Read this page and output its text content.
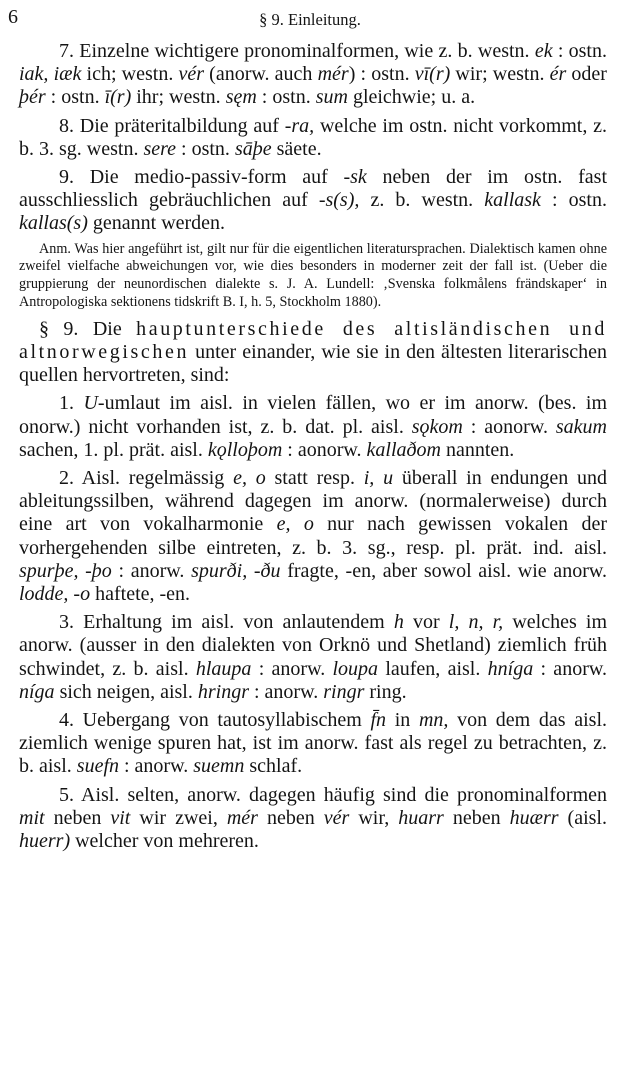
6	§ 9. Einleitung.

7. Einzelne wichtigere pronominalformen, wie z. b. westn. ek : ostn. iak, iæk ich; westn. vér (anorw. auch mér) : ostn. vī(r) wir; westn. ér oder þér : ostn. ī(r) ihr; westn. sęm : ostn. sum gleichwie; u. a.

8. Die präteritalbildung auf -ra, welche im ostn. nicht vorkommt, z. b. 3. sg. westn. sere : ostn. sāþe säete.

9. Die medio-passiv-form auf -sk neben der im ostn. fast ausschliesslich gebräuchlichen auf -s(s), z. b. westn. kallask : ostn. kallas(s) genannt werden.

Anm. Was hier angeführt ist, gilt nur für die eigentlichen literatursprachen. Dialektisch kamen ohne zweifel vielfache abweichungen vor, wie dies besonders in moderner zeit der fall ist. (Ueber die gruppierung der neunordischen dialekte s. J. A. Lundell: ‚Svenska folkmålens frändskaper‘ in Antropologiska sektionens tidskrift B. I, h. 5, Stockholm 1880).

§ 9. Die hauptunterschiede des altisländischen und altnorwegischen unter einander, wie sie in den ältesten literarischen quellen hervortreten, sind:

1. U-umlaut im aisl. in vielen fällen, wo er im anorw. (bes. im onorw.) nicht vorhanden ist, z. b. dat. pl. aisl. sǫkom : aonorw. sakum sachen, 1. pl. prät. aisl. kǫlloþom : aonorw. kallaðom nannten.

2. Aisl. regelmässig e, o statt resp. i, u überall in endungen und ableitungssilben, während dagegen im anorw. (normalerweise) durch eine art von vokalharmonie e, o nur nach gewissen vokalen der vorhergehenden silbe eintreten, z. b. 3. sg., resp. pl. prät. ind. aisl. spurþe, -þo : anorw. spurði, -ðu fragte, -en, aber sowol aisl. wie anorw. lodde, -o haftete, -en.

3. Erhaltung im aisl. von anlautendem h vor l, n, r, welches im anorw. (ausser in den dialekten von Orknö und Shetland) ziemlich früh schwindet, z. b. aisl. hlaupa : anorw. loupa laufen, aisl. hníga : anorw. níga sich neigen, aisl. hringr : anorw. ringr ring.

4. Uebergang von tautosyllabischem f̄n in mn, von dem das aisl. ziemlich wenige spuren hat, ist im anorw. fast als regel zu betrachten, z. b. aisl. suefn : anorw. suemn schlaf.

5. Aisl. selten, anorw. dagegen häufig sind die pronominalformen mit neben vit wir zwei, mér neben vér wir, huarr neben huærr (aisl. huerr) welcher von mehreren.
